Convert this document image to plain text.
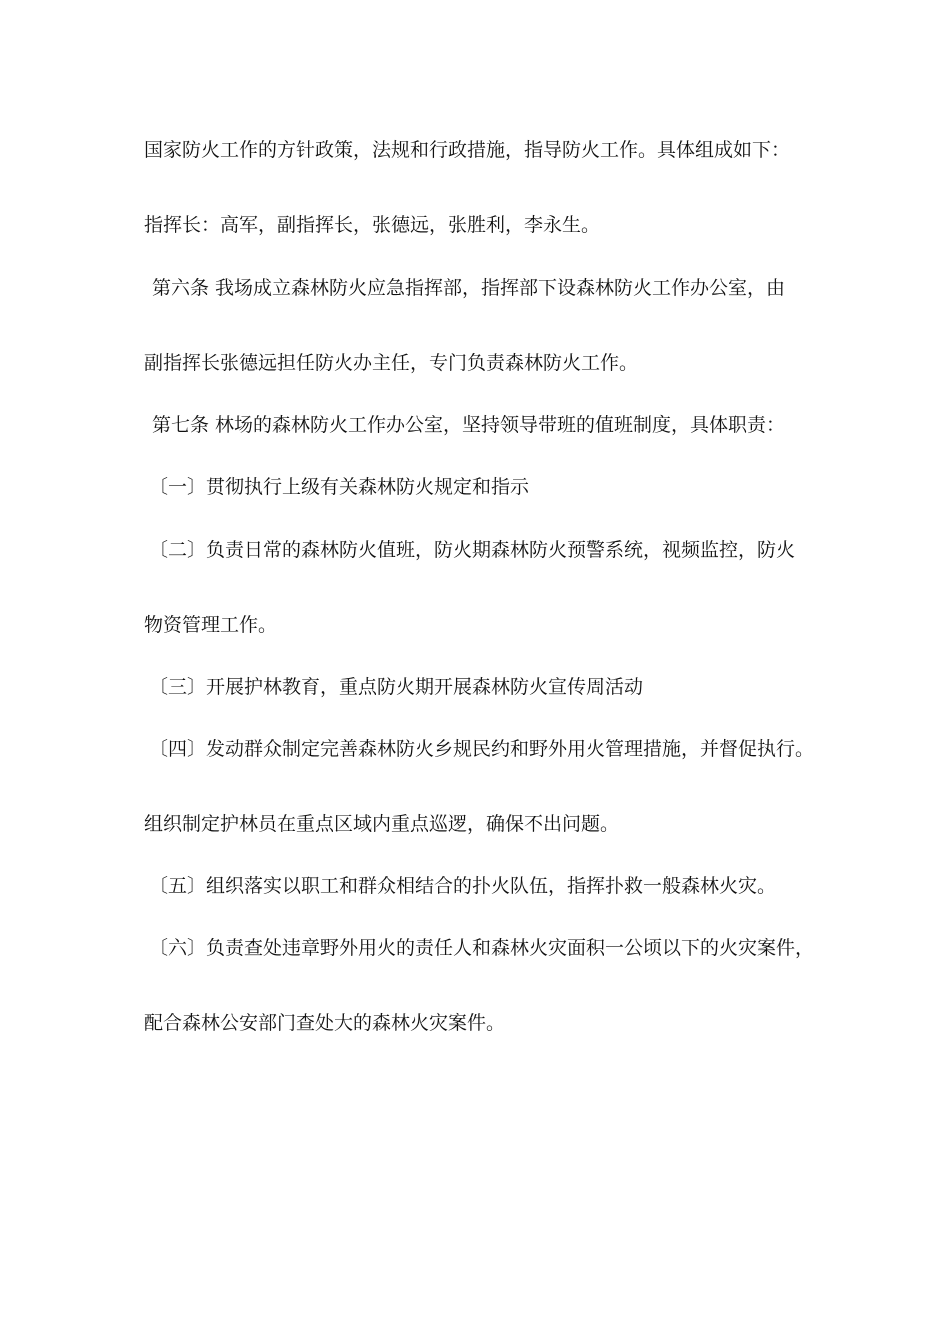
国家防火工作的方针政策，法规和行政措施，指导防火工作。具体组成如下：
指挥长：高军，副指挥长，张德远，张胜利，李永生。
第六条 我场成立森林防火应急指挥部，指挥部下设森林防火工作办公室，由
副指挥长张德远担任防火办主任，专门负责森林防火工作。
第七条 林场的森林防火工作办公室，坚持领导带班的值班制度，具体职责：
〔一〕贯彻执行上级有关森林防火规定和指示
〔二〕负责日常的森林防火值班，防火期森林防火预警系统，视频监控，防火
物资管理工作。
〔三〕开展护林教育，重点防火期开展森林防火宣传周活动
〔四〕发动群众制定完善森林防火乡规民约和野外用火管理措施，并督促执行。
组织制定护林员在重点区域内重点巡逻，确保不出问题。
〔五〕组织落实以职工和群众相结合的扑火队伍，指挥扑救一般森林火灾。
〔六〕负责查处违章野外用火的责任人和森林火灾面积一公顷以下的火灾案件，
配合森林公安部门查处大的森林火灾案件。
